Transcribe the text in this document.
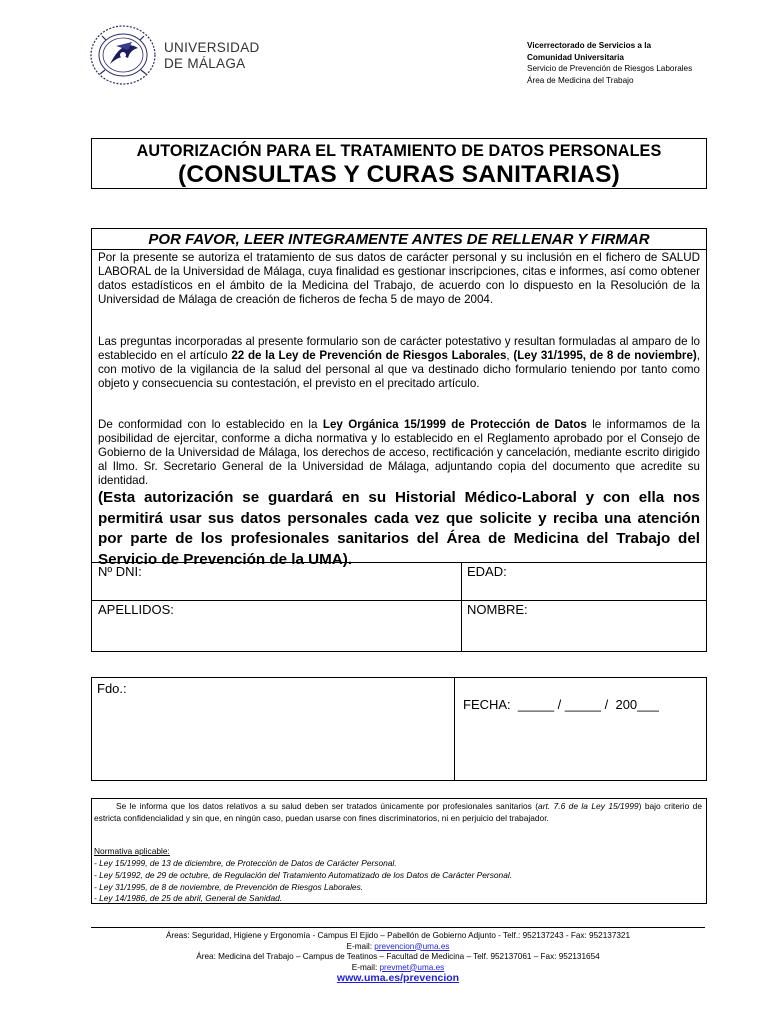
UNIVERSIDAD
DE MÁLAGA
Vicerrectorado de Servicios a la
Comunidad Universitaria
Servicio de Prevención de Riesgos Laborales
Área de Medicina del Trabajo
AUTORIZACIÓN PARA EL TRATAMIENTO DE DATOS PERSONALES
(CONSULTAS Y CURAS SANITARIAS)
POR FAVOR, LEER INTEGRAMENTE ANTES DE RELLENAR Y FIRMAR
Por la presente se autoriza el tratamiento de sus datos de carácter personal y su inclusión en el fichero de SALUD LABORAL de la Universidad de Málaga, cuya finalidad es gestionar inscripciones, citas e informes, así como obtener datos estadísticos en el ámbito de la Medicina del Trabajo, de acuerdo con lo dispuesto en la Resolución de la Universidad de Málaga de creación de ficheros de fecha 5 de mayo de 2004.
Las preguntas incorporadas al presente formulario son de carácter potestativo y resultan formuladas al amparo de lo establecido en el artículo 22 de la Ley de Prevención de Riesgos Laborales, (Ley 31/1995, de 8 de noviembre), con motivo de la vigilancia de la salud del personal al que va destinado dicho formulario teniendo por tanto como objeto y consecuencia su contestación, el previsto en el precitado artículo.
De conformidad con lo establecido en la Ley Orgánica 15/1999 de Protección de Datos le informamos de la posibilidad de ejercitar, conforme a dicha normativa y lo establecido en el Reglamento aprobado por el Consejo de Gobierno de la Universidad de Málaga, los derechos de acceso, rectificación y cancelación, mediante escrito dirigido al Ilmo. Sr. Secretario General de la Universidad de Málaga, adjuntando copia del documento que acredite su identidad.
(Esta autorización se guardará en su Historial Médico-Laboral y con ella nos permitirá usar sus datos personales cada vez que solicite y reciba una atención por parte de los profesionales sanitarios del Área de Medicina del Trabajo del Servicio de Prevención de la UMA).
Nº DNI:	EDAD:
APELLIDOS:	NOMBRE:
Fdo.:
FECHA:  _____ / _____ /  200___
Se le informa que los datos relativos a su salud deben ser tratados únicamente por profesionales sanitarios (art. 7.6 de la Ley 15/1999) bajo criterio de estricta confidencialidad y sin que, en ningún caso, puedan usarse con fines discriminatorios, ni en perjuicio del trabajador.
Normativa aplicable:
- Ley 15/1999, de 13 de diciembre, de Protección de Datos de Carácter Personal.
- Ley 5/1992, de 29 de octubre, de Regulación del Tratamiento Automatizado de los Datos de Carácter Personal.
- Ley 31/1995, de 8 de noviembre, de Prevención de Riesgos Laborales.
- Ley 14/1986, de 25 de abril, General de Sanidad.
Áreas: Seguridad, Higiene y Ergonomía - Campus El Ejido – Pabellón de Gobierno Adjunto - Telf.: 952137243 - Fax: 952137321
E-mail: prevencion@uma.es
Área: Medicina del Trabajo – Campus de Teatinos – Facultad de Medicina – Telf. 952137061 – Fax: 952131654
E-mail: prevmet@uma.es
www.uma.es/prevencion
